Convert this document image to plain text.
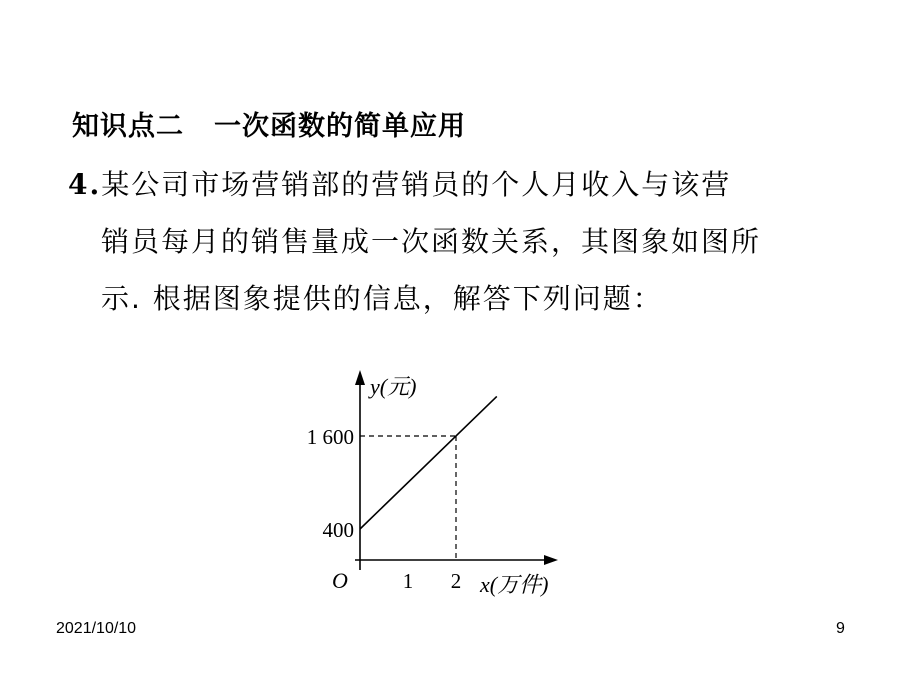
知识点二 一次函数的简单应用
4.某公司市场营销部的营销员的个人月收入与该营
销员每月的销售量成一次函数关系，其图象如图所
示. 根据图象提供的信息，解答下列问题：
y(元)
x(万件)
O
400
1 600
1 2
2021/10/10	9
